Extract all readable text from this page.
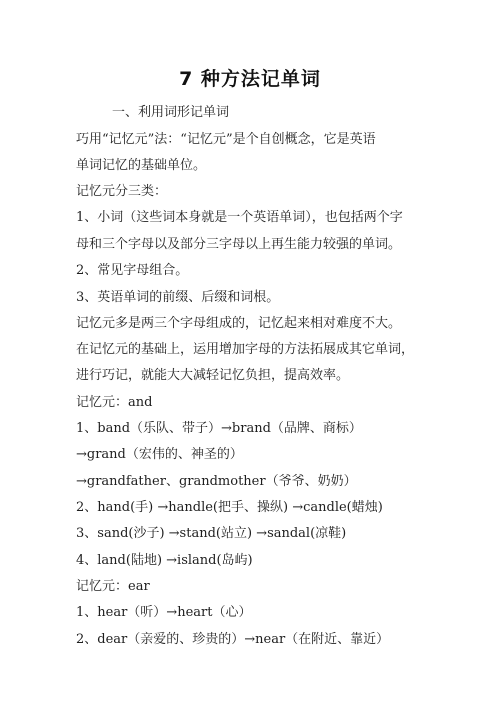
7 种方法记单词
一、利用词形记单词
巧用“记忆元”法：“记忆元”是个自创概念，它是英语
单词记忆的基础单位。
记忆元分三类：
1、小词（这些词本身就是一个英语单词），也包括两个字
母和三个字母以及部分三字母以上再生能力较强的单词。
2、常见字母组合。
3、英语单词的前缀、后缀和词根。
记忆元多是两三个字母组成的，记忆起来相对难度不大。
在记忆元的基础上，运用增加字母的方法拓展成其它单词，
进行巧记，就能大大减轻记忆负担，提高效率。
记忆元：and
1、band（乐队、带子）→brand（品牌、商标）
→grand（宏伟的、神圣的）
→grandfather、grandmother（爷爷、奶奶）
2、hand(手) →handle(把手、操纵) →candle(蜡烛)
3、sand(沙子) →stand(站立) →sandal(凉鞋)
4、land(陆地) →island(岛屿)
记忆元：ear
1、hear（听）→heart（心）
2、dear（亲爱的、珍贵的）→near（在附近、靠近）
